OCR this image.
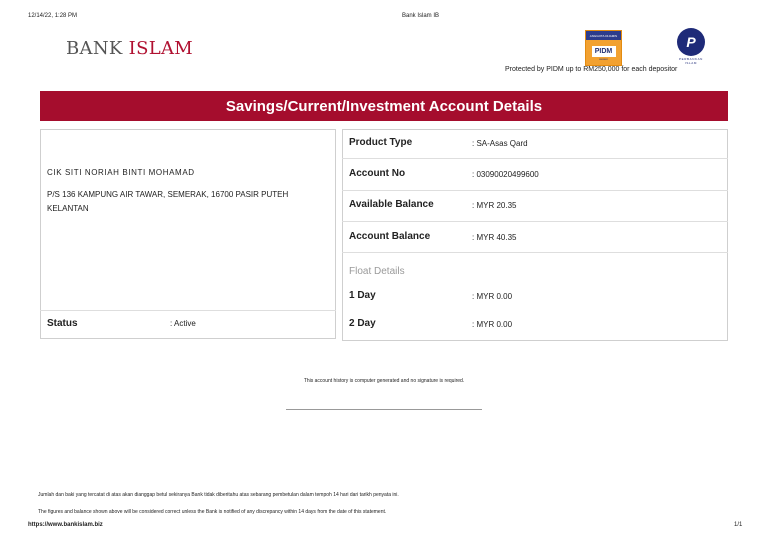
12/14/22, 1:28 PM	Bank Islam IB
BANK ISLAM
ANGGOTA DIJAMIN
PIDM
MEMBER
P
PERBANKAN
ISLAM
Protected by PIDM up to RM250,000 for each depositor
Savings/Current/Investment Account Details
CIK SITI NORIAH BINTI MOHAMAD
P/S 136 KAMPUNG AIR TAWAR, SEMERAK, 16700 PASIR PUTEH KELANTAN
Status	: Active
Product Type	: SA-Asas Qard
Account No	: 03090020499600
Available Balance	: MYR 20.35
Account Balance	: MYR 40.35
Float Details
1 Day	: MYR 0.00
2 Day	: MYR 0.00
This account history is computer generated and no signature is required.
Jumlah dan baki yang tercatat di atas akan dianggap betul sekiranya Bank tidak diberitahu atas sebarang pembetulan dalam tempoh 14 hari dari tarikh penyata ini.
The figures and balance shown above will be considered correct unless the Bank is notified of any discrepancy within 14 days from the date of this statement.
https://www.bankislam.biz	1/1
